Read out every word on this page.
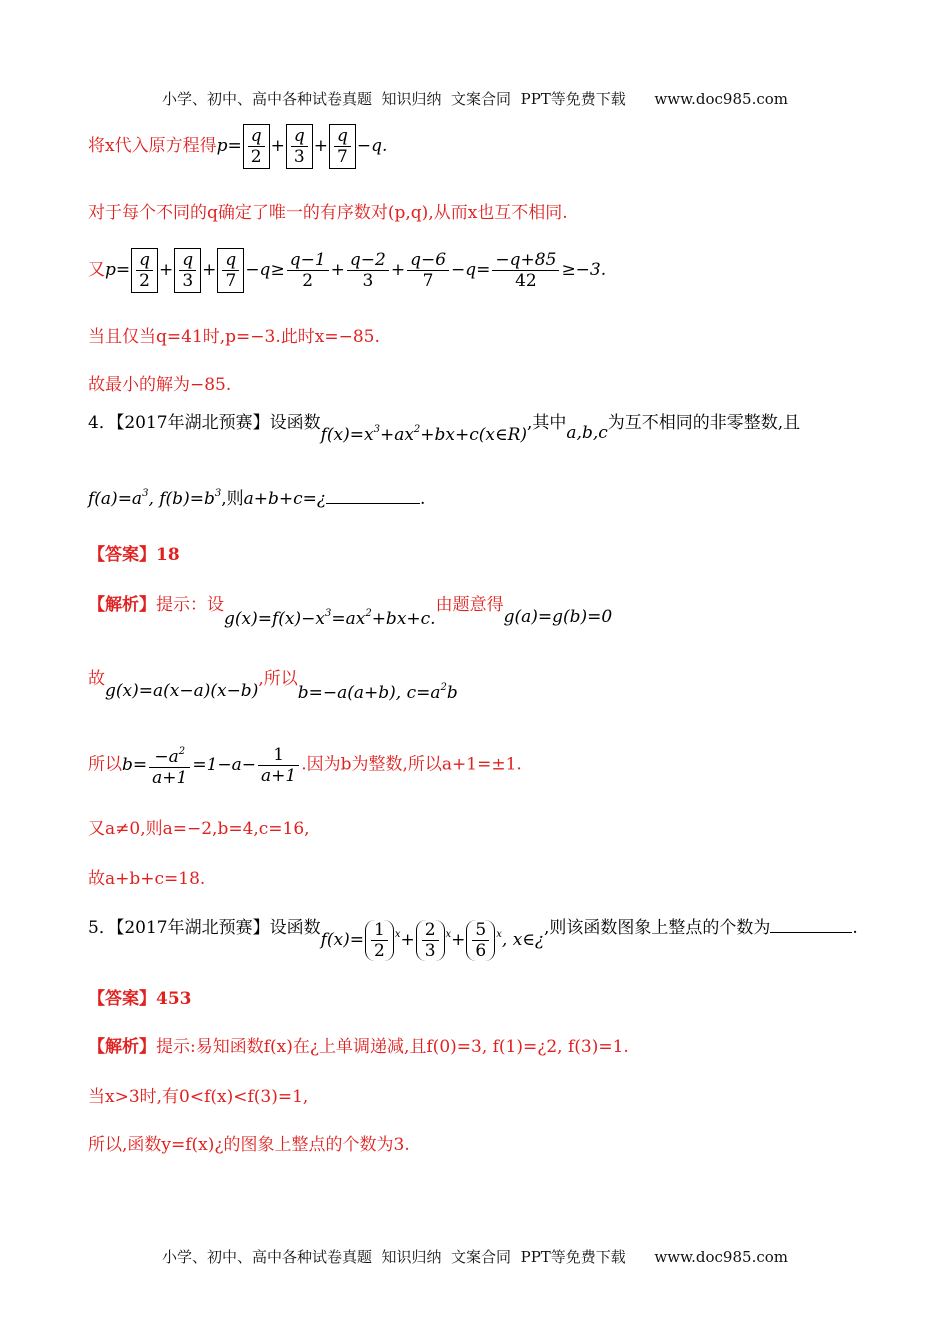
小学、初中、高中各种试卷真题  知识归纳  文案合同  PPT等免费下载      www.doc985.com
将x代入原方程得$p= \frac{q}{2} + \frac{q}{3} + \frac{q}{7} -q$.
对于每个不同的q确定了唯一的有序数对(p,q),从而x也互不相同.
又$p= \frac{q}{2} + \frac{q}{3} + \frac{q}{7} -q\ge \frac{q-1}{2} + \frac{q-2}{3} + \frac{q-6}{7} -q= \frac{-q+85}{42} \ge-3$.
当且仅当q=41时,p=−3.此时x=−85.
故最小的解为−85.
4．【2017年湖北预赛】设函数$f(x)=x^3+ax^2+bx+c(x\in R)$,其中a,b,c为互不相同的非零整数,且
$f(a)=a^3$, $f(b)=b^3$,则a+b+c=¿	.
【答案】18
【解析】提示：设$g(x)=f(x)-x^3=ax^2+bx+c$.由题意得g(a)=g(b)=0
故g(x)=a(x−a)(x−b),所以b=−a(a+b), $c=a^2b$
所以$b= \frac{-a^2}{a+1} =1-a- \frac{1}{a+1}$ .因为b为整数,所以a+1=±1.
又a≠0,则a=−2,b=4,c=16,
故a+b+c=18.
5．【2017年湖北预赛】设函数$f(x)= \frac{1}{2} ^x+ \frac{2}{3} ^x+ \frac{5}{6} ^x$, x∈¿,则该函数图象上整点的个数为	.
【答案】453
【解析】提示:易知函数f(x)在¿上单调递减,且f(0)=3, f(1)=¿2, f(3)=1.
当x>3时,有0<f(x)<f(3)=1,
所以,函数y=f(x)¿的图象上整点的个数为3.
小学、初中、高中各种试卷真题  知识归纳  文案合同  PPT等免费下载      www.doc985.com
